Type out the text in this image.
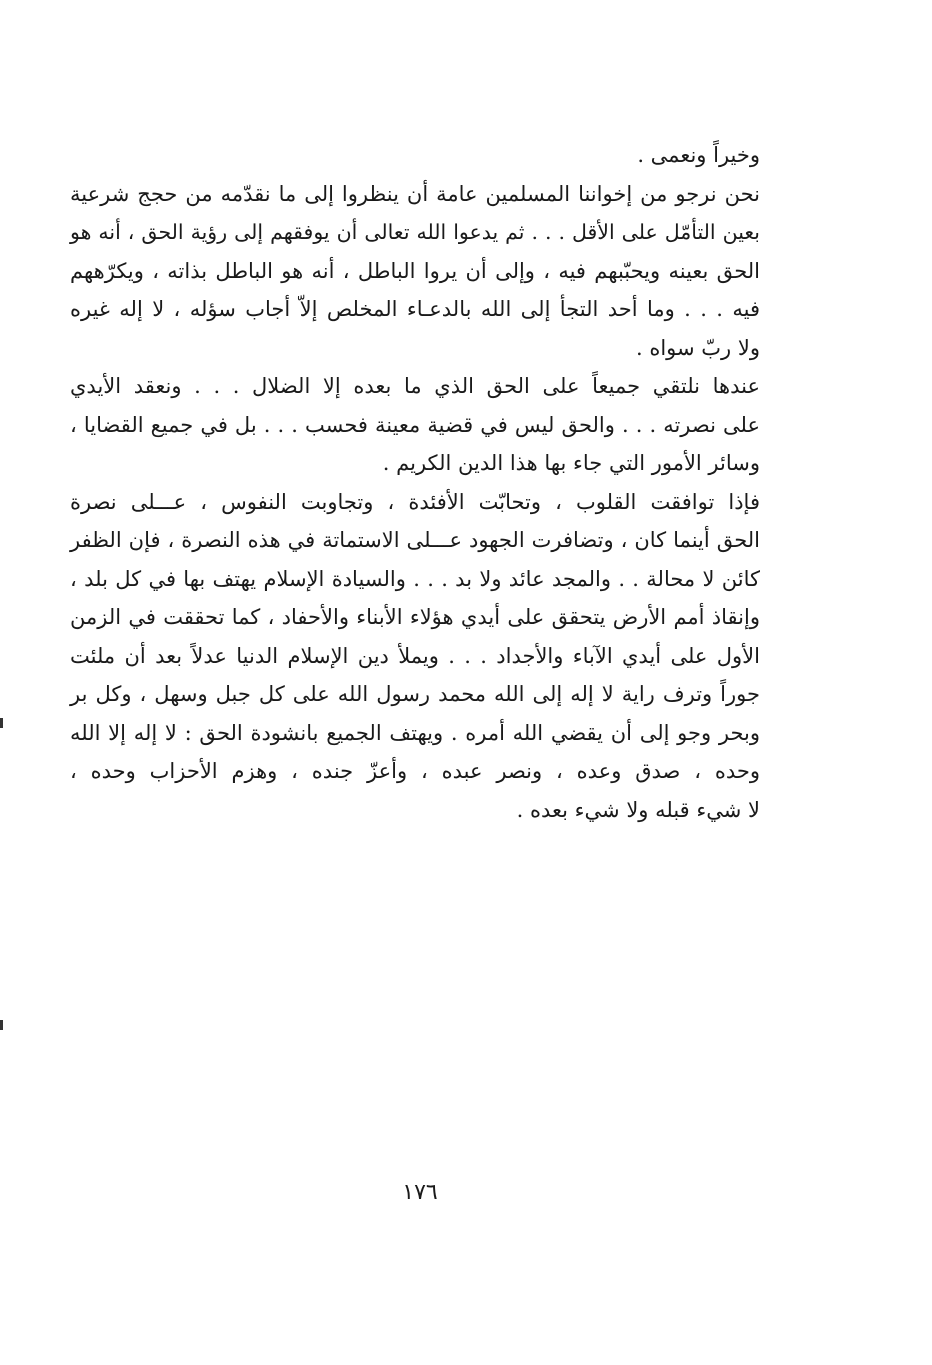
وخيراً ونعمى .
نحن نرجو من إخواننا المسلمين عامة أن ينظروا إلى ما نقدّمه من حجج شرعية
بعين التأمّل على الأقل . . . ثم يدعوا الله تعالى أن يوفقهم إلى رؤية الحق ، أنه هو
الحق بعينه ويحبّبهم فيه ، وإلى أن يروا الباطل ، أنه هو الباطل بذاته ، ويكرّههم
فيه . . . وما أحد التجأ إلى الله بالدعـاء المخلص إلاّ أجاب سؤله ، لا إله غيره
ولا ربّ سواه .
عندها نلتقي جميعاً على الحق الذي ما بعده إلا الضلال . . . ونعقد الأيدي
على نصرته . . . والحق ليس في قضية معينة فحسب . . . بل في جميع القضايا ،
وسائر الأمور التي جاء بها هذا الدين الكريم .
فإذا توافقت القلوب ، وتحابّت الأفئدة ، وتجاوبت النفوس ، عـــلى نصرة
الحق أينما كان ، وتضافرت الجهود عـــلى الاستماتة في هذه النصرة ، فإن الظفر
كائن لا محالة . . والمجد عائد ولا بد . . . والسيادة الإسلام يهتف بها في كل بلد ،
وإنقاذ أمم الأرض يتحقق على أيدي هؤلاء الأبناء والأحفاد ، كما تحققت في الزمن
الأول على أيدي الآباء والأجداد . . . ويملأ دين الإسلام الدنيا عدلاً بعد أن ملئت
جوراً وترف راية لا إله إلى الله محمد رسول الله على كل جبل وسهل ، وكل بر
وبحر وجو إلى أن يقضي الله أمره . ويهتف الجميع بانشودة الحق : لا إله إلا الله
وحده ، صدق وعده ، ونصر عبده ، وأعزّ جنده ، وهزم الأحزاب وحده ،
لا شيء قبله ولا شيء بعده .
١٧٦
